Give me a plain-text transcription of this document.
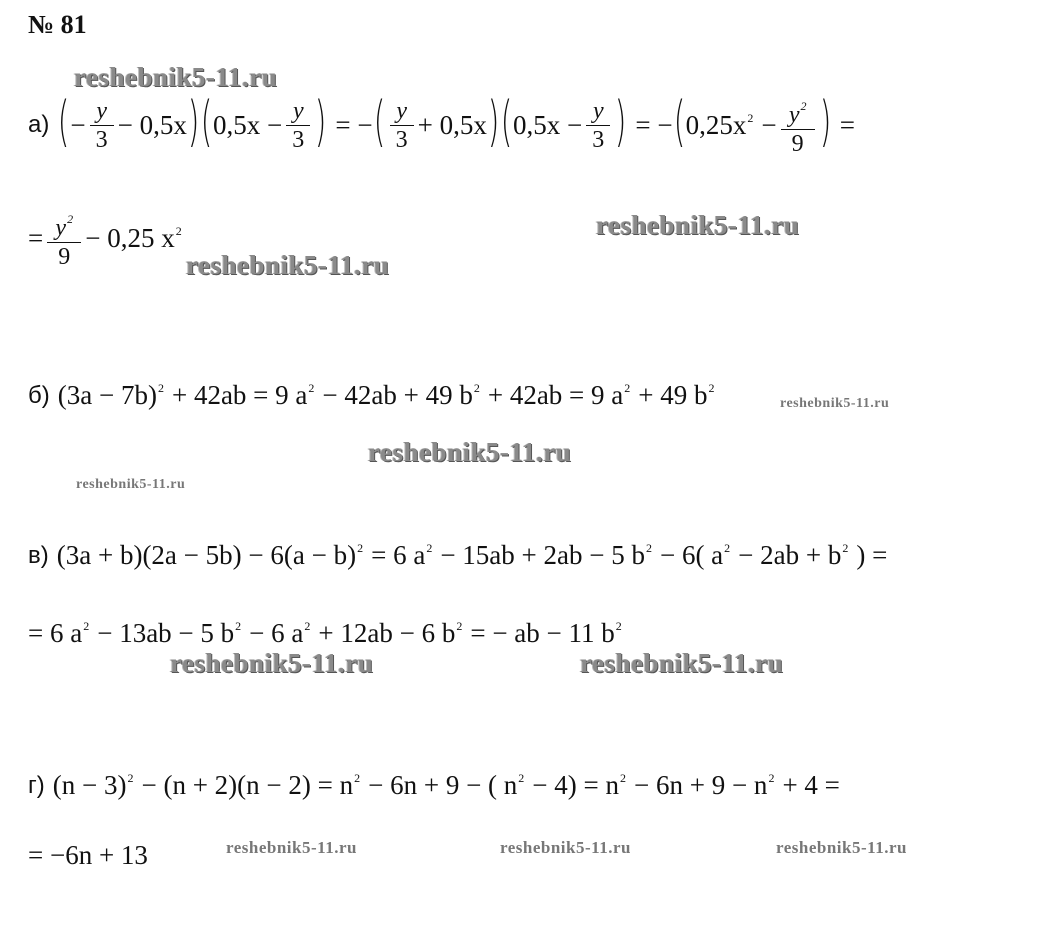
№ 81
reshebnik5-11.ru
reshebnik5-11.ru
reshebnik5-11.ru
reshebnik5-11.ru
reshebnik5-11.ru
reshebnik5-11.ru
reshebnik5-11.ru	reshebnik5-11.ru
reshebnik5-11.ru	reshebnik5-11.ru	reshebnik5-11.ru
а) ( − $\frac{y}{3} - 0,5x$ ) ( $0,5x - \frac{y}{3}$ ) = − ( $\frac{y}{3} + 0,5x$ ) ( $0,5x - \frac{y}{3}$ ) = − ( $0,25x^2 - \frac{y^2}{9}$ ) =
= $\frac{y^2}{9} - 0,25$ $x^2$
б) $(3a - 7b)^2 + 42ab = 9$ $a^2 - 42ab + 49$ $b^2 + 42ab = 9$ $a^2 + 49$ $b^2$
в) (3a + b)(2a − 5b) − 6 $(a - b)^2 = 6$ $a^2 - 15ab + 2ab - 5$ $b^2 - 6$( $a^2 - 2ab + b^2$ ) =
= 6 $a^2 - 13ab - 5$ $b^2 - 6$ $a^2 + 12ab - 6$ $b^2$ = − ab − 11 $b^2$
г) $(n - 3)^2 - (n + 2)(n - 2) = n^2 - 6n + 9$ − ( $n^2 - 4) = n^2 - 6n + 9 - n^2 + 4$ =
= −6n + 13
